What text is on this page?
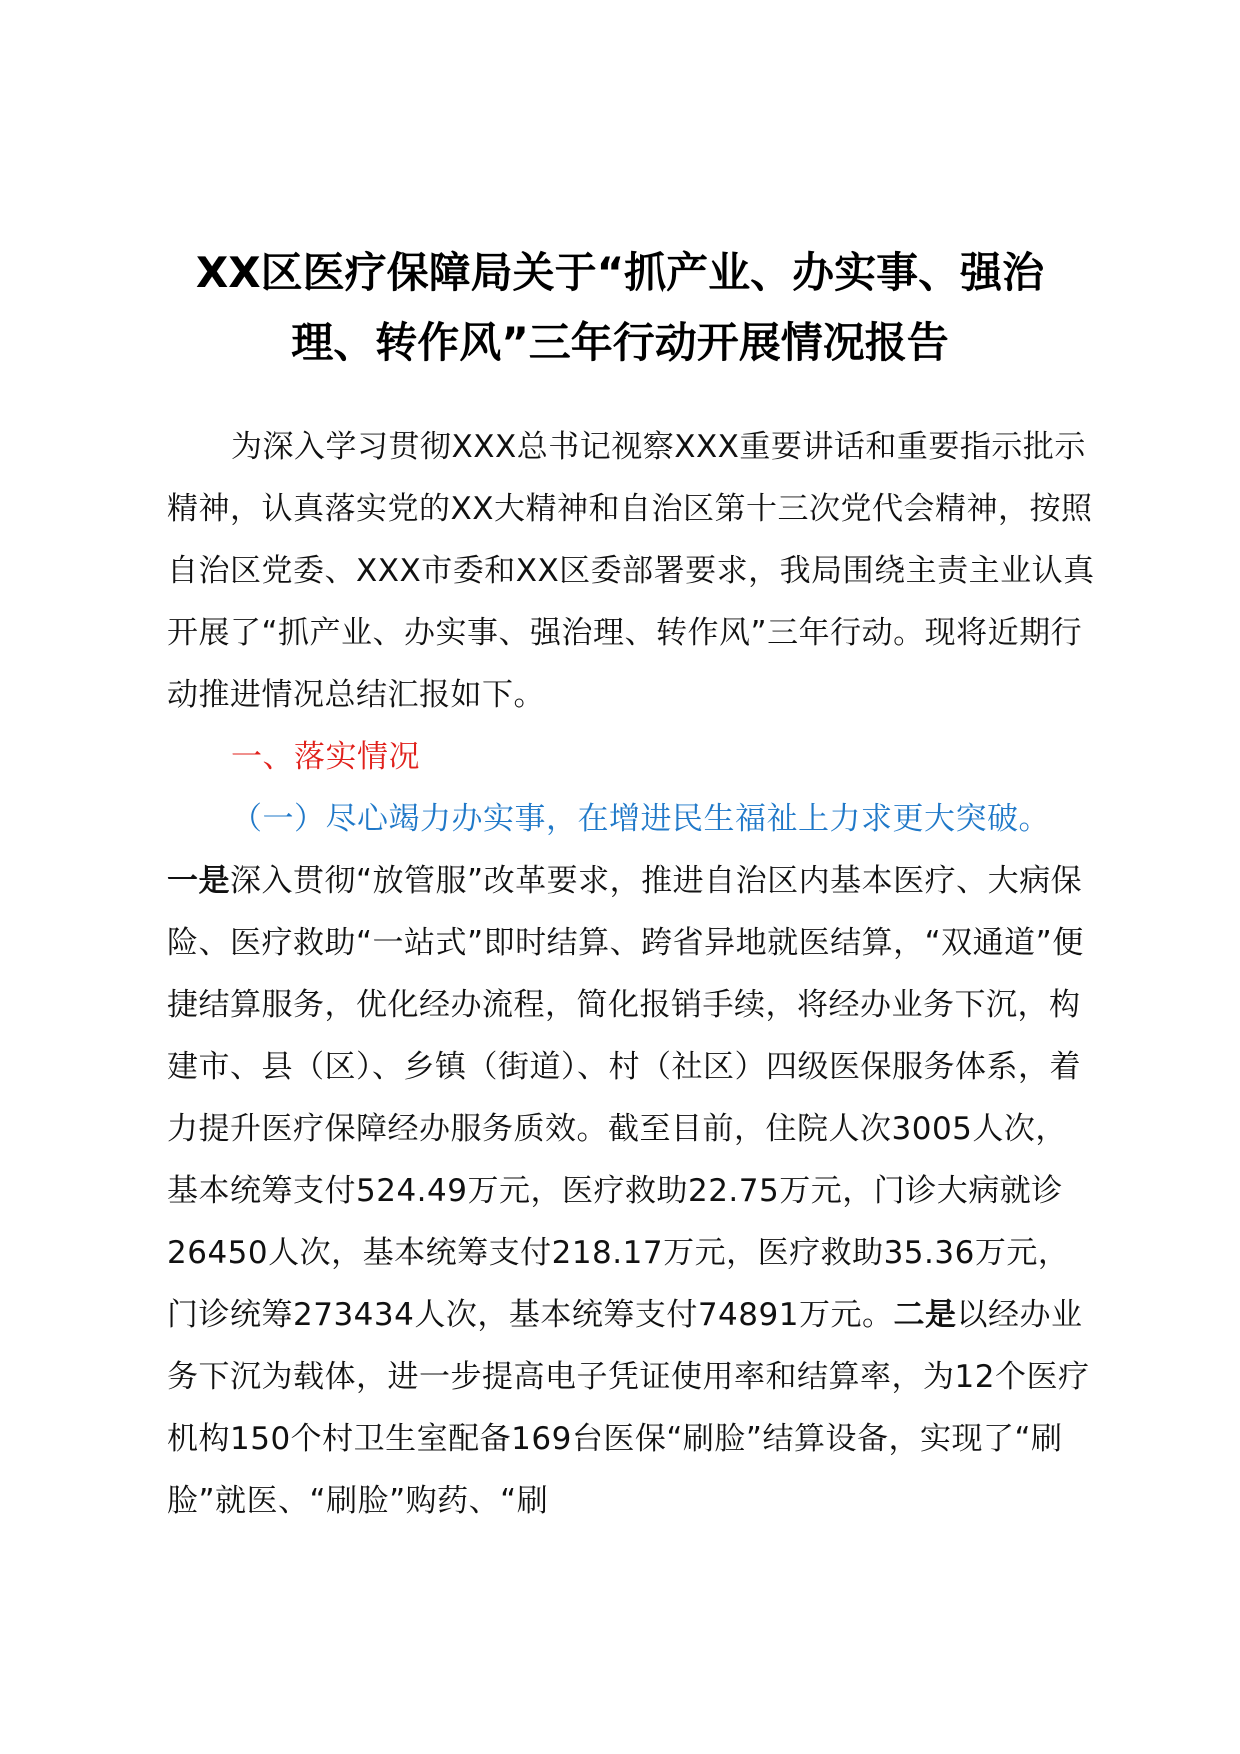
XX区医疗保障局关于“抓产业、办实事、强治
理、转作风”三年行动开展情况报告

为深入学习贯彻XXX总书记视察XXX重要讲话和重要指示批示精神，认真落实党的XX大精神和自治区第十三次党代会精神，按照自治区党委、XXX市委和XX区委部署要求，我局围绕主责主业认真开展了“抓产业、办实事、强治理、转作风”三年行动。现将近期行动推进情况总结汇报如下。

一、落实情况

（一）尽心竭力办实事，在增进民生福祉上力求更大突破。

一是深入贯彻“放管服”改革要求，推进自治区内基本医疗、大病保险、医疗救助“一站式”即时结算、跨省异地就医结算，“双通道”便捷结算服务，优化经办流程，简化报销手续，将经办业务下沉，构建市、县（区）、乡镇（街道）、村（社区）四级医保服务体系，着力提升医疗保障经办服务质效。截至目前，住院人次3005人次，基本统筹支付524.49万元，医疗救助22.75万元，门诊大病就诊26450人次，基本统筹支付218.17万元，医疗救助35.36万元，门诊统筹273434人次，基本统筹支付74891万元。二是以经办业务下沉为载体，进一步提高电子凭证使用率和结算率，为12个医疗机构150个村卫生室配备169台医保“刷脸”结算设备，实现了“刷脸”就医、“刷脸”购药、“刷
